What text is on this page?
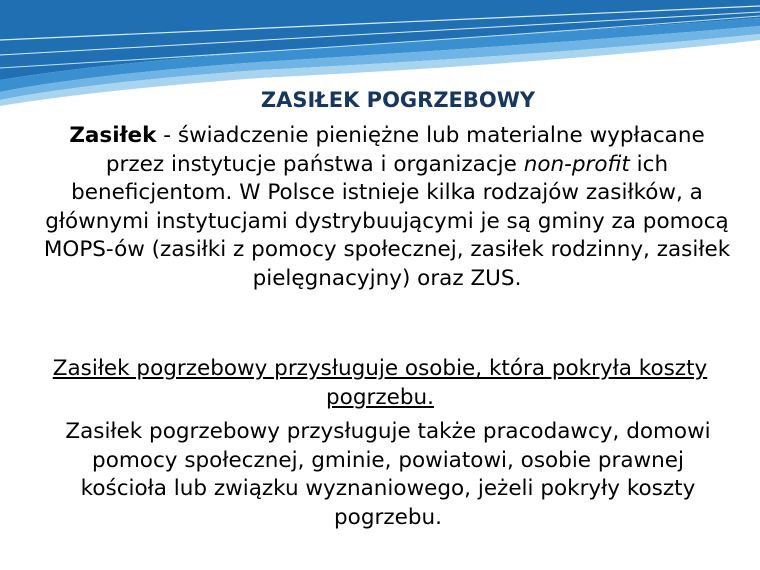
ZASIŁEK POGRZEBOWY

Zasiłek - świadczenie pieniężne lub materialne wypłacane przez instytucje państwa i organizacje non-profit ich beneficjentom. W Polsce istnieje kilka rodzajów zasiłków, a głównymi instytucjami dystrybuującymi je są gminy za pomocą MOPS-ów (zasiłki z pomocy społecznej, zasiłek rodzinny, zasiłek pielęgnacyjny) oraz ZUS.

Zasiłek pogrzebowy przysługuje osobie, która pokryła koszty pogrzebu.

Zasiłek pogrzebowy przysługuje także pracodawcy, domowi pomocy społecznej, gminie, powiatowi, osobie prawnej kościoła lub związku wyznaniowego, jeżeli pokryły koszty pogrzebu.
